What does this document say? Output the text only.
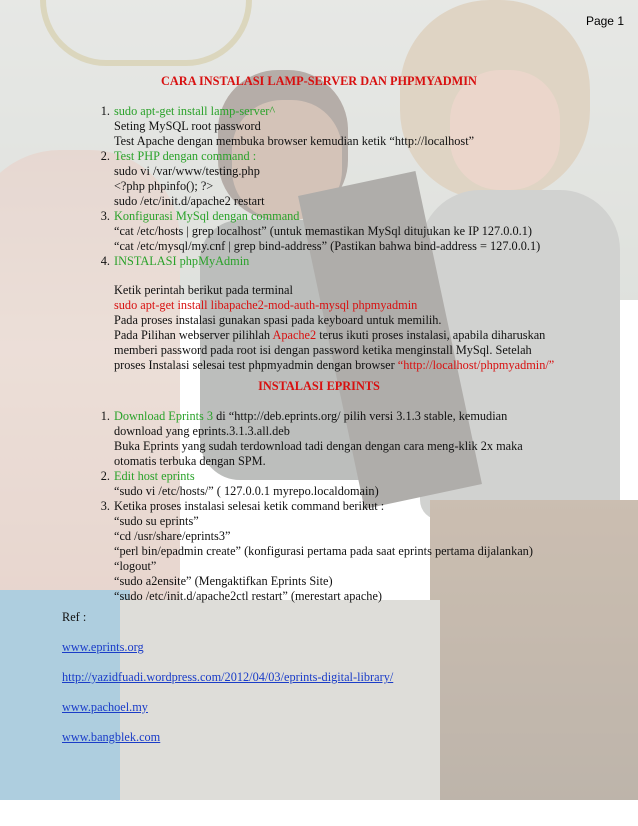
Page 1
CARA INSTALASI LAMP-SERVER DAN PHPMYADMIN
1. sudo apt-get install lamp-server^
Seting MySQL root password
Test Apache dengan membuka browser kemudian ketik “http://localhost”
2. Test PHP dengan command :
sudo vi /var/www/testing.php
<?php phpinfo(); ?>
sudo /etc/init.d/apache2 restart
3. Konfigurasi MySql dengan command
“cat /etc/hosts | grep localhost” (untuk memastikan MySql ditujukan ke IP 127.0.0.1)
“cat /etc/mysql/my.cnf | grep bind-address” (Pastikan bahwa bind-address = 127.0.0.1)
4. INSTALASI phpMyAdmin
Ketik perintah berikut pada terminal
sudo apt-get install libapache2-mod-auth-mysql phpmyadmin
Pada proses instalasi gunakan spasi pada keyboard untuk memilih.
Pada Pilihan webserver pilihlah Apache2 terus ikuti proses instalasi, apabila diharuskan
memberi password pada root isi dengan password ketika menginstall MySql. Setelah
proses Instalasi selesai test phpmyadmin dengan browser “http://localhost/phpmyadmin/”
INSTALASI EPRINTS
1. Download Eprints 3 di “http://deb.eprints.org/ pilih versi 3.1.3 stable, kemudian
download yang eprints.3.1.3.all.deb
Buka Eprints yang sudah terdownload tadi dengan dengan cara meng-klik 2x maka
otomatis terbuka dengan SPM.
2. Edit host eprints
“sudo vi /etc/hosts/” ( 127.0.0.1 myrepo.localdomain)
3. Ketika proses instalasi selesai ketik command berikut :
“sudo su eprints”
“cd /usr/share/eprints3”
“perl bin/epadmin create” (konfigurasi pertama pada saat eprints pertama dijalankan)
“logout”
“sudo a2ensite” (Mengaktifkan Eprints Site)
“sudo /etc/init.d/apache2ctl restart” (merestart apache)
Ref :
www.eprints.org
http://yazidfuadi.wordpress.com/2012/04/03/eprints-digital-library/
www.pachoel.my
www.bangblek.com
